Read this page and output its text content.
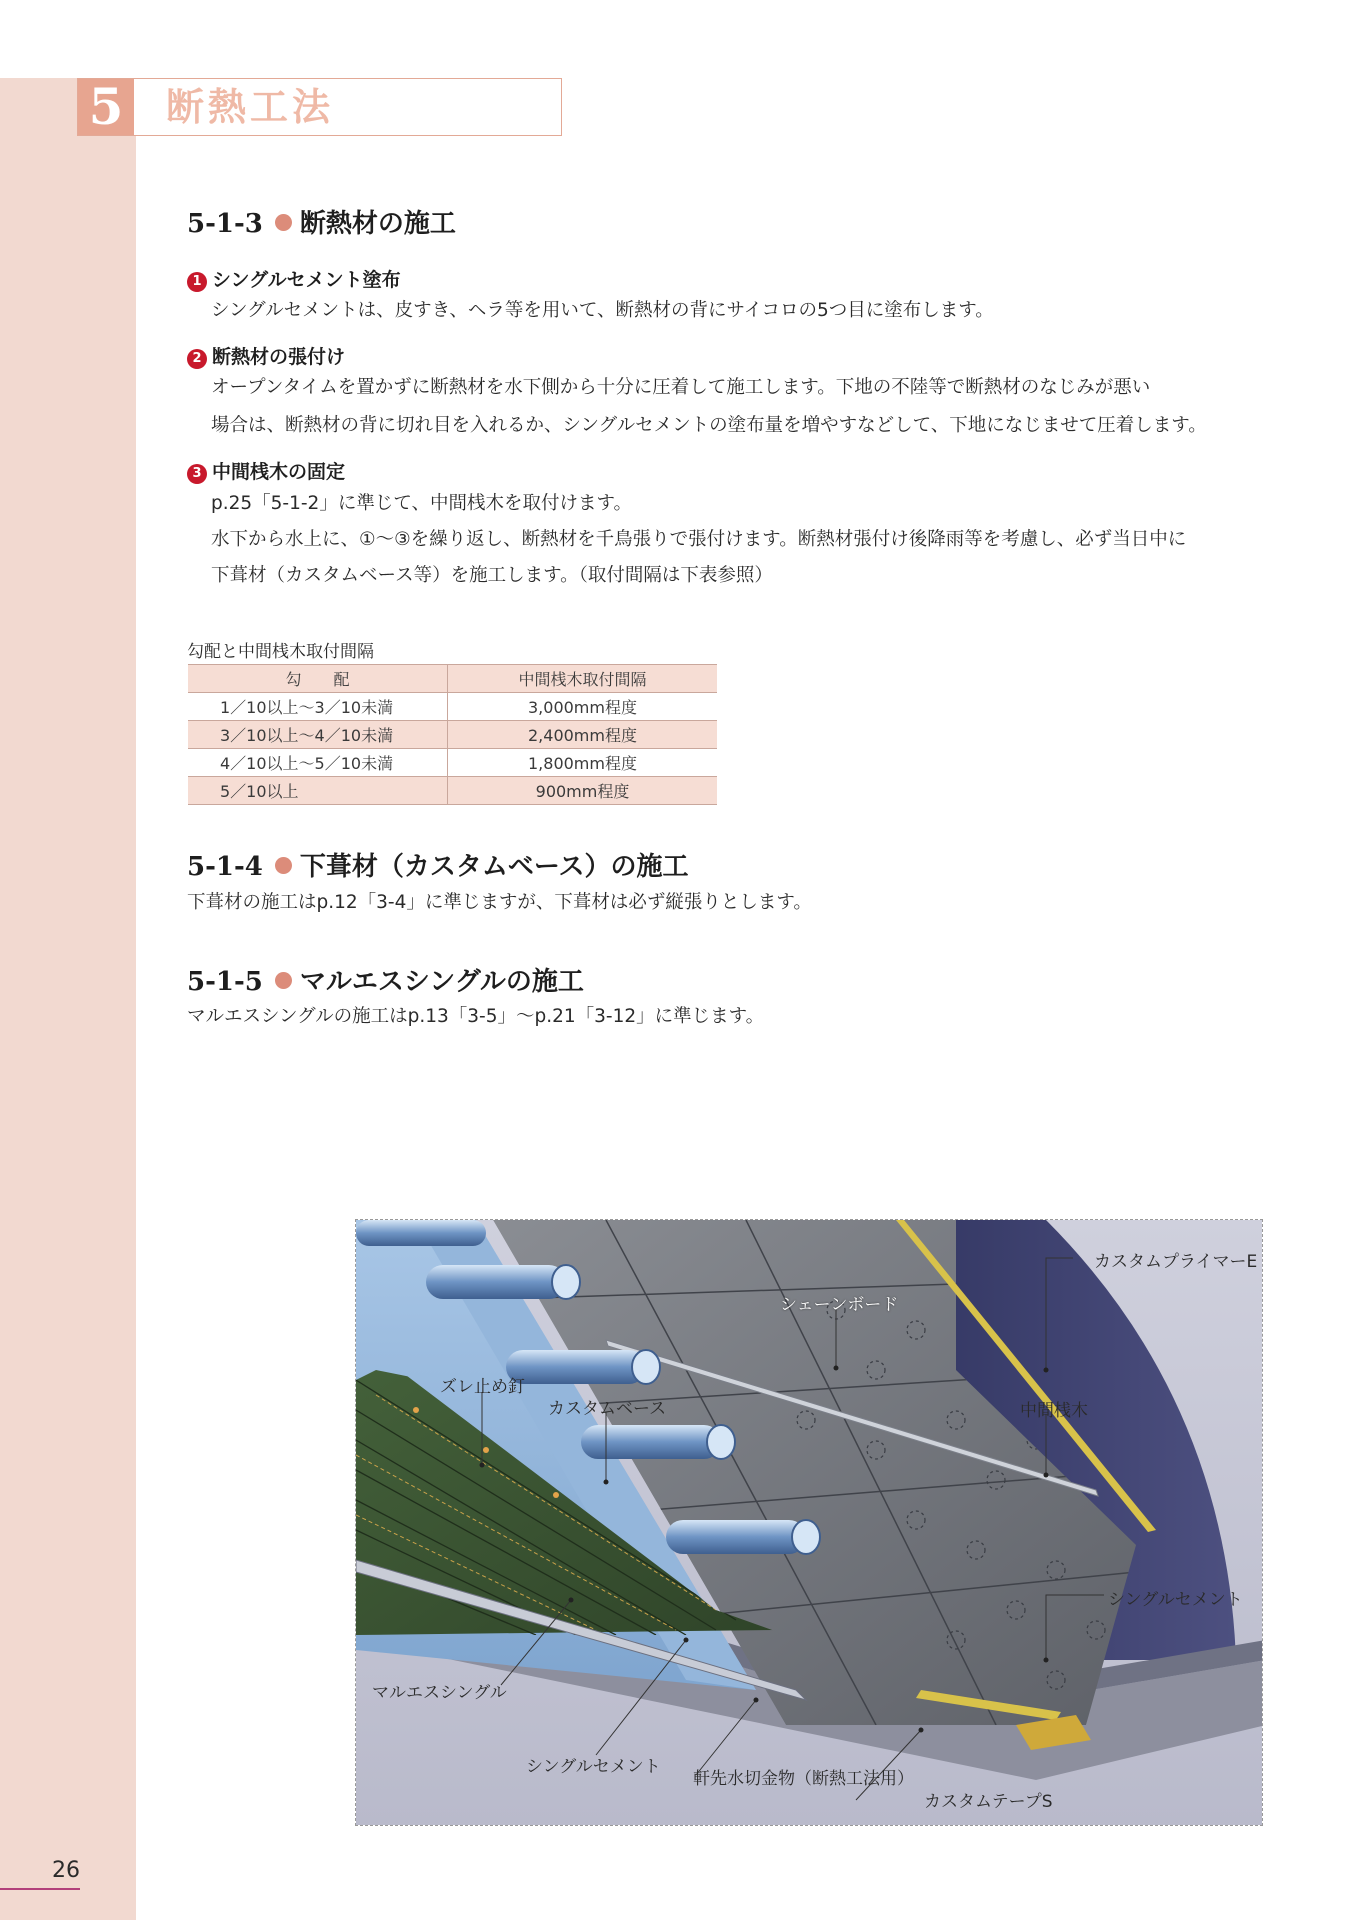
5 断熱工法
5-1-3 断熱材の施工
1 シングルセメント塗布
シングルセメントは、皮すき、ヘラ等を用いて、断熱材の背にサイコロの5つ目に塗布します。
2 断熱材の張付け
オープンタイムを置かずに断熱材を水下側から十分に圧着して施工します。下地の不陸等で断熱材のなじみが悪い
場合は、断熱材の背に切れ目を入れるか、シングルセメントの塗布量を増やすなどして、下地になじませて圧着します。
3 中間桟木の固定
p.25「5-1-2」に準じて、中間桟木を取付けます。
水下から水上に、①〜③を繰り返し、断熱材を千鳥張りで張付けます。断熱材張付け後降雨等を考慮し、必ず当日中に
下葺材（カスタムベース等）を施工します。（取付間隔は下表参照）
勾配と中間桟木取付間隔
勾　　配	中間桟木取付間隔
1／10以上〜3／10未満	3,000mm程度
3／10以上〜4／10未満	2,400mm程度
4／10以上〜5／10未満	1,800mm程度
5／10以上	900mm程度
5-1-4 下葺材（カスタムベース）の施工
下葺材の施工はp.12「3-4」に準じますが、下葺材は必ず縦張りとします。
5-1-5 マルエスシングルの施工
マルエスシングルの施工はp.13「3-5」〜p.21「3-12」に準じます。
カスタムプライマーE
シェーンボード
ズレ止め釘
カスタムベース	中間桟木
シングルセメント
マルエスシングル
シングルセメント
軒先水切金物（断熱工法用）
カスタムテープS
26
